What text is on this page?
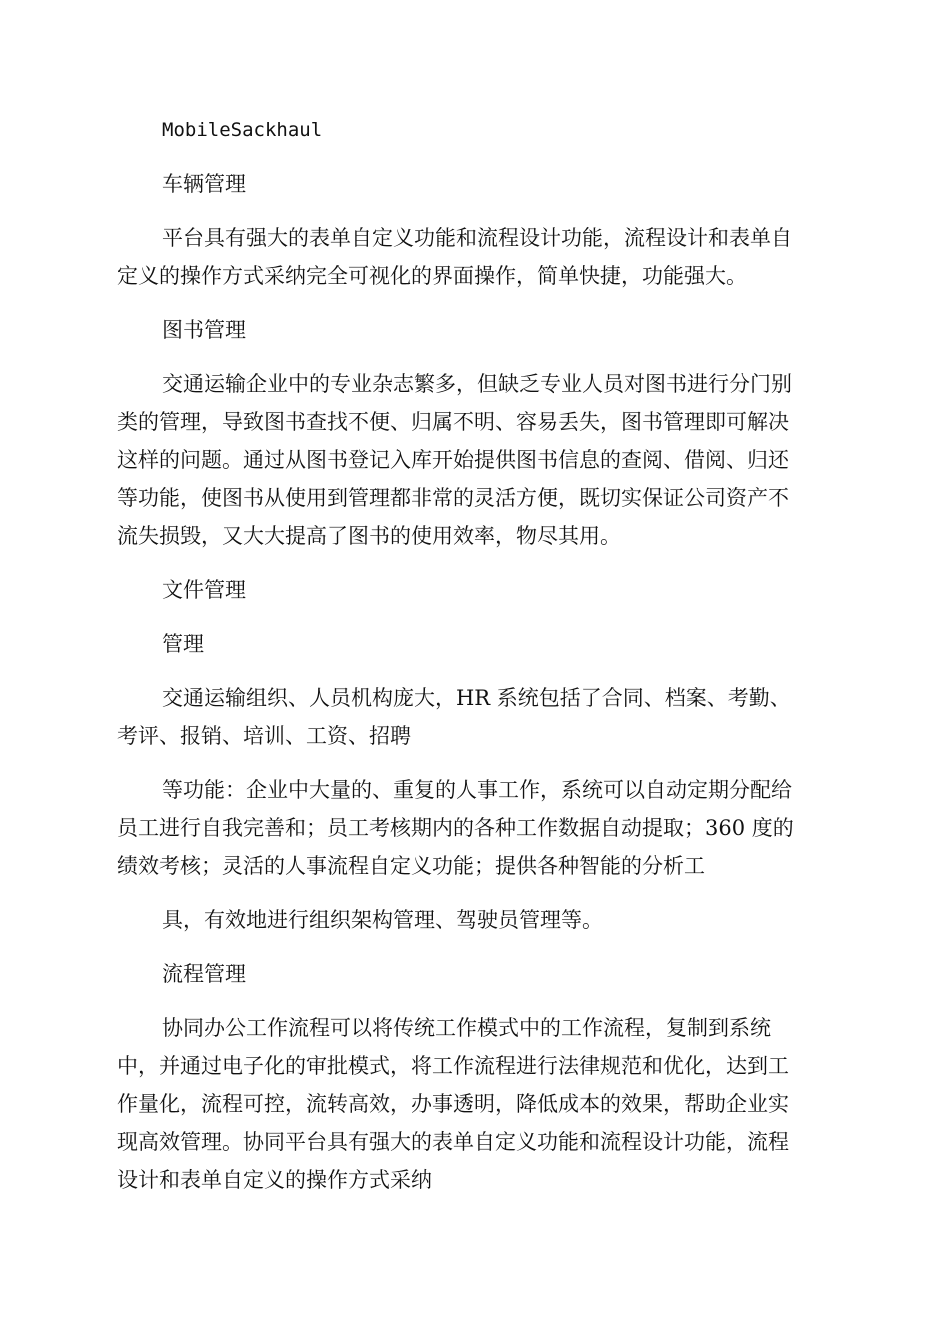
MobileSackhaul

车辆管理

平台具有强大的表单自定义功能和流程设计功能，流程设计和表单自

定义的操作方式采纳完全可视化的界面操作，简单快捷，功能强大。

图书管理

交通运输企业中的专业杂志繁多，但缺乏专业人员对图书进行分门别

类的管理，导致图书查找不便、归属不明、容易丢失，图书管理即可解决

这样的问题。通过从图书登记入库开始提供图书信息的查阅、借阅、归还

等功能，使图书从使用到管理都非常的灵活方便，既切实保证公司资产不

流失损毁，又大大提高了图书的使用效率，物尽其用。

文件管理

管理

交通运输组织、人员机构庞大，HR 系统包括了合同、档案、考勤、

考评、报销、培训、工资、招聘

等功能：企业中大量的、重复的人事工作，系统可以自动定期分配给

员工进行自我完善和；员工考核期内的各种工作数据自动提取；360 度的

绩效考核；灵活的人事流程自定义功能；提供各种智能的分析工

具，有效地进行组织架构管理、驾驶员管理等。

流程管理

协同办公工作流程可以将传统工作模式中的工作流程，复制到系统

中，并通过电子化的审批模式，将工作流程进行法律规范和优化，达到工

作量化，流程可控，流转高效，办事透明，降低成本的效果，帮助企业实

现高效管理。协同平台具有强大的表单自定义功能和流程设计功能，流程

设计和表单自定义的操作方式采纳
